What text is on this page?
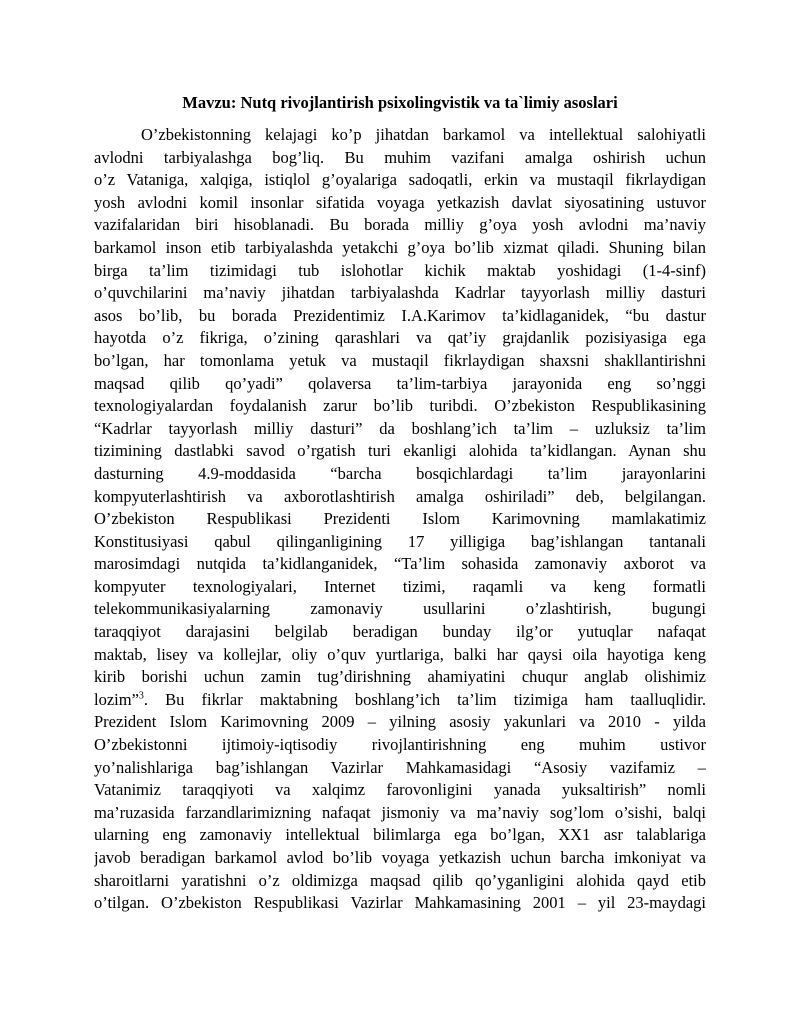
Mavzu: Nutq rivojlantirish psixolingvistik va ta`limiy asoslari
O’zbekistonning kelajagi ko’p jihatdan barkamol va intellektual salohiyatli
avlodni tarbiyalashga bog’liq. Bu muhim vazifani amalga oshirish uchun
o’z Vataniga, xalqiga, istiqlol g’oyalariga sadoqatli, erkin va mustaqil fikrlaydigan
yosh avlodni komil insonlar sifatida voyaga yetkazish davlat siyosatining ustuvor
vazifalaridan biri hisoblanadi. Bu borada milliy g’oya yosh avlodni ma’naviy
barkamol inson etib tarbiyalashda yetakchi g’oya bo’lib xizmat qiladi. Shuning bilan
birga ta’lim tizimidagi tub islohotlar kichik maktab yoshidagi (1-4-sinf)
o’quvchilarini ma’naviy jihatdan tarbiyalashda Kadrlar tayyorlash milliy dasturi
asos bo’lib, bu borada Prezidentimiz I.A.Karimov ta’kidlaganidek, “bu dastur
hayotda o’z fikriga, o’zining qarashlari va qat’iy grajdanlik pozisiyasiga ega
bo’lgan, har tomonlama yetuk va mustaqil fikrlaydigan shaxsni shakllantirishni
maqsad qilib qo’yadi” qolaversa ta’lim-tarbiya jarayonida eng so’nggi
texnologiyalardan foydalanish zarur bo’lib turibdi. O’zbekiston Respublikasining
“Kadrlar tayyorlash milliy dasturi” da boshlang’ich ta’lim – uzluksiz ta’lim
tizimining dastlabki savod o’rgatish turi ekanligi alohida ta’kidlangan. Aynan shu
dasturning 4.9-moddasida “barcha bosqichlardagi ta’lim jarayonlarini
kompyuterlashtirish va axborotlashtirish amalga oshiriladi” deb, belgilangan.
O’zbekiston Respublikasi Prezidenti Islom Karimovning mamlakatimiz
Konstitusiyasi qabul qilinganligining 17 yilligiga bag’ishlangan tantanali
marosimdagi nutqida ta’kidlanganidek, “Ta’lim sohasida zamonaviy axborot va
kompyuter texnologiyalari, Internet tizimi, raqamli va keng formatli
telekommunikasiyalarning zamonaviy usullarini o’zlashtirish, bugungi
taraqqiyot darajasini belgilab beradigan bunday ilg’or yutuqlar nafaqat
maktab, lisey va kollejlar, oliy o’quv yurtlariga, balki har qaysi oila hayotiga keng
kirib borishi uchun zamin tug’dirishning ahamiyatini chuqur anglab olishimiz
lozim”$^3$. Bu fikrlar maktabning boshlang’ich ta’lim tizimiga ham taalluqlidir.
Prezident Islom Karimovning 2009 – yilning asosiy yakunlari va 2010 - yilda
O’zbekistonni ijtimoiy-iqtisodiy rivojlantirishning eng muhim ustivor
yo’nalishlariga bag’ishlangan Vazirlar Mahkamasidagi “Asosiy vazifamiz –
Vatanimiz taraqqiyoti va xalqimz farovonligini yanada yuksaltirish” nomli
ma’ruzasida farzandlarimizning nafaqat jismoniy va ma’naviy sog’lom o’sishi, balqi
ularning eng zamonaviy intellektual bilimlarga ega bo’lgan, XX1 asr talablariga
javob beradigan barkamol avlod bo’lib voyaga yetkazish uchun barcha imkoniyat va
sharoitlarni yaratishni o’z oldimizga maqsad qilib qo’yganligini alohida qayd etib
o’tilgan. O’zbekiston Respublikasi Vazirlar Mahkamasining 2001 – yil 23-maydagi
